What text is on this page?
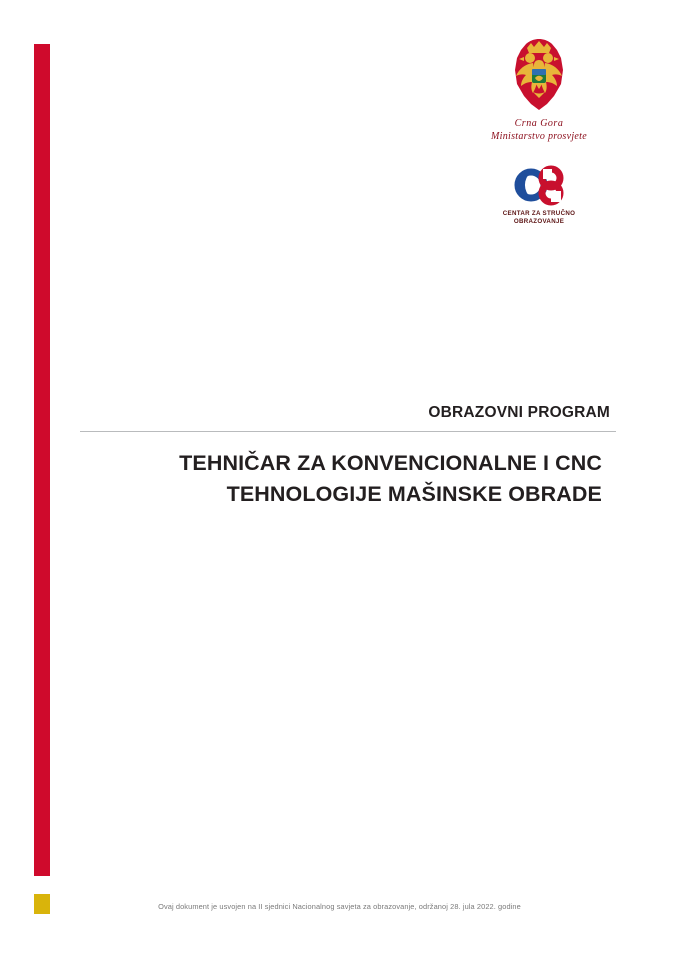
Crna Gora
Ministarstvo prosvjete
CENTAR ZA STRUČNO
OBRAZOVANJE
OBRAZOVNI PROGRAM
TEHNIČAR ZA KONVENCIONALNE I CNC
TEHNOLOGIJE MAŠINSKE OBRADE
Ovaj dokument je usvojen na II sjednici Nacionalnog savjeta za obrazovanje, održanoj 28. jula 2022. godine
